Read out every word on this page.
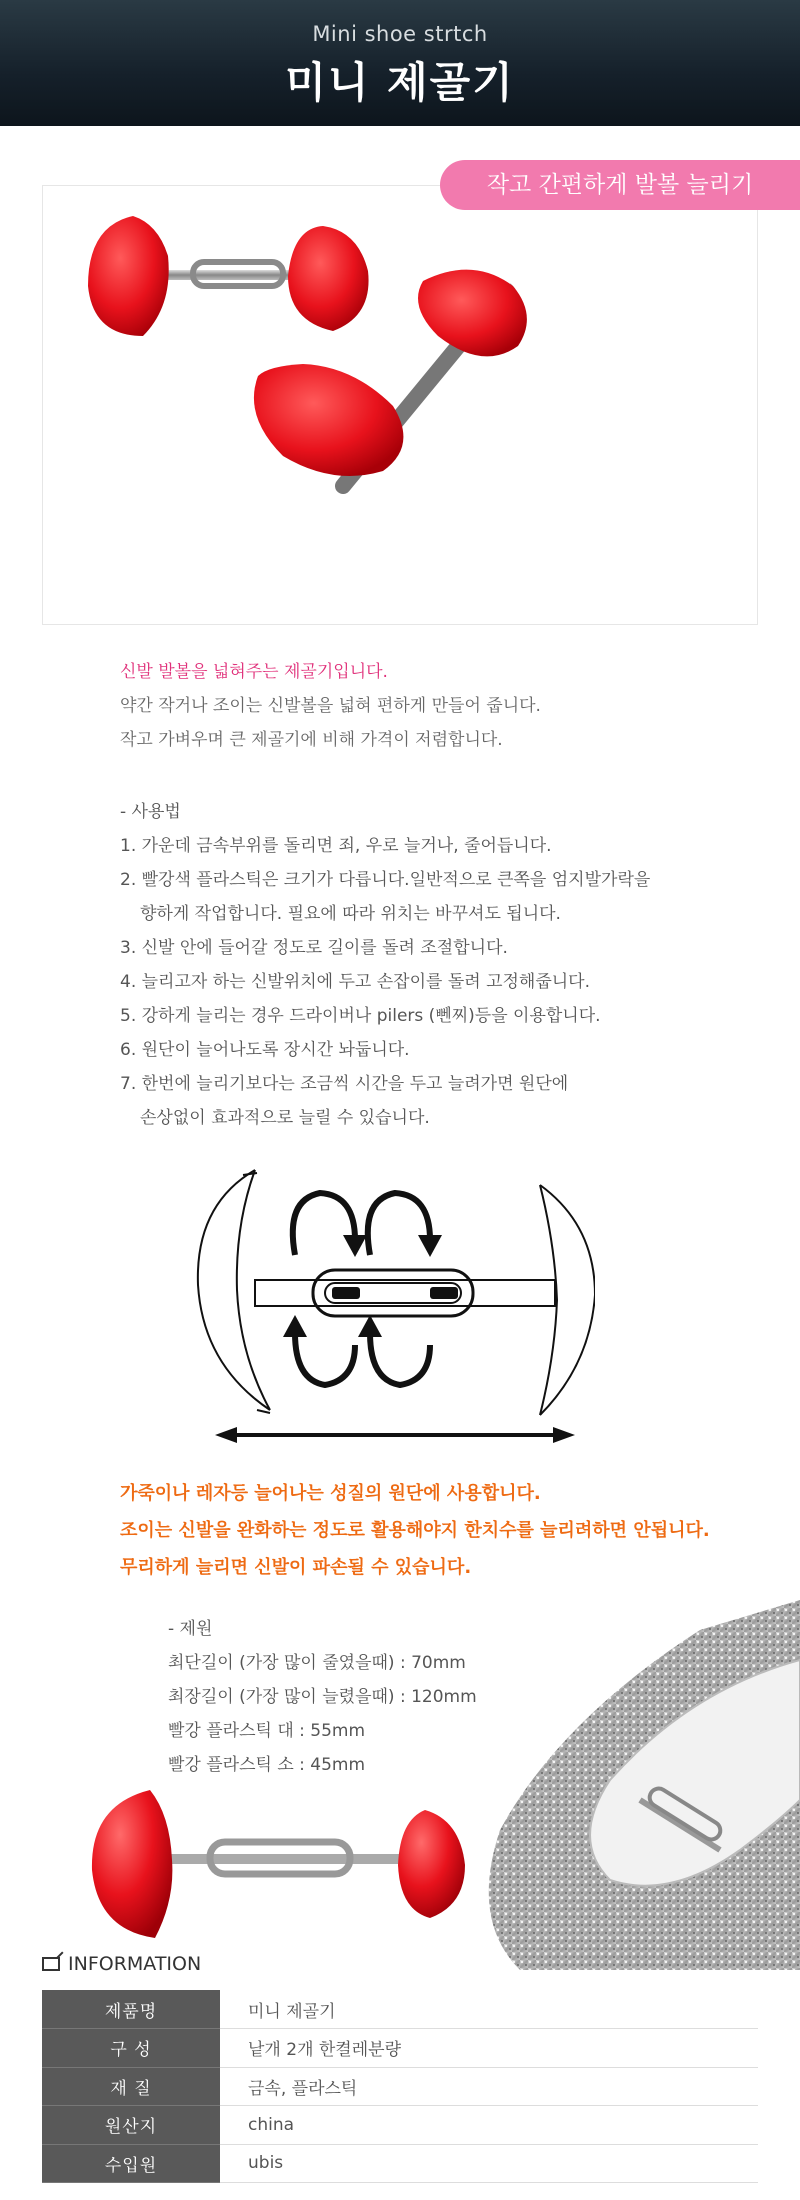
Mini shoe strtch
미니 제골기
작고 간편하게 발볼 늘리기
신발 발볼을 넓혀주는 제골기입니다.
약간 작거나 조이는 신발볼을 넓혀 편하게 만들어 줍니다.
작고 가벼우며 큰 제골기에 비해 가격이 저렴합니다.
- 사용법
1. 가운데 금속부위를 돌리면 죄, 우로 늘거나, 줄어듭니다.
2. 빨강색 플라스틱은 크기가 다릅니다.일반적으로 큰쪽을 엄지발가락을
향하게 작업합니다. 필요에 따라 위치는 바꾸셔도 됩니다.
3. 신발 안에 들어갈 정도로 길이를 돌려 조절합니다.
4. 늘리고자 하는 신발위치에 두고 손잡이를 돌려 고정해줍니다.
5. 강하게 늘리는 경우 드라이버나 pilers (뻰찌)등을 이용합니다.
6. 원단이 늘어나도록 장시간 놔둡니다.
7. 한번에 늘리기보다는 조금씩 시간을 두고 늘려가면 원단에
손상없이 효과적으로 늘릴 수 있습니다.
가죽이나 레자등 늘어나는 성질의 원단에 사용합니다.
조이는 신발을 완화하는 정도로 활용해야지 한치수를 늘리려하면 안됩니다.
무리하게 늘리면 신발이 파손될 수 있습니다.
- 제원
최단길이 (가장 많이 줄였을때) : 70mm
최장길이 (가장 많이 늘렸을때) : 120mm
빨강 플라스틱 대 : 55mm
빨강 플라스틱 소 : 45mm
INFORMATION
제품명	미니 제골기
구 성	낱개 2개 한켤레분량
재 질	금속, 플라스틱
원산지	china
수입원	ubis
